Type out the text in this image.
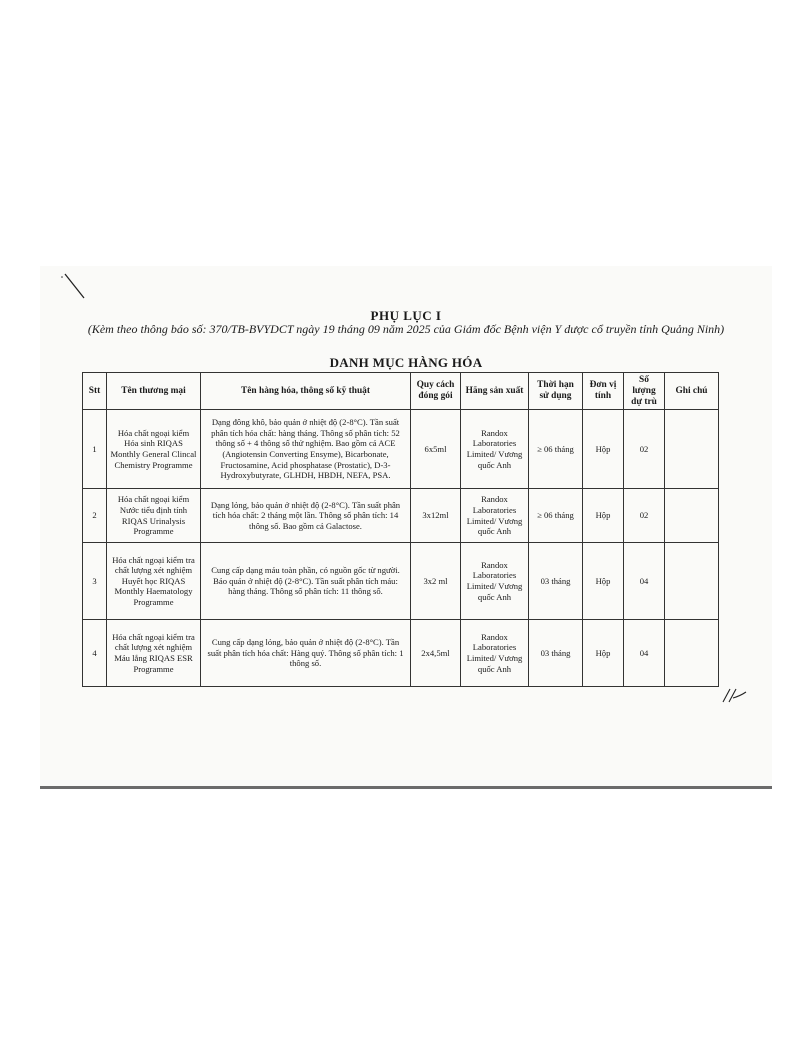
PHỤ LỤC I
(Kèm theo thông báo số: 370/TB-BVYDCT ngày 19 tháng 09 năm 2025 của Giám đốc Bệnh viện Y dược cổ truyền tỉnh Quảng Ninh)
DANH MỤC HÀNG HÓA
Stt	Tên thương mại	Tên hàng hóa, thông số kỹ thuật	Quy cách đóng gói	Hãng sản xuất	Thời hạn sử dụng	Đơn vị tính	Số lượng dự trù	Ghi chú
1	Hóa chất ngoại kiểm Hóa sinh RIQAS Monthly General Clincal Chemistry Programme	Dạng đông khô, bảo quản ở nhiệt độ (2-8°C). Tần suất phân tích hóa chất: hàng tháng. Thông số phân tích: 52 thông số + 4 thông số thử nghiệm. Bao gồm cả ACE (Angiotensin Converting Ensyme), Bicarbonate, Fructosamine, Acid phosphatase (Prostatic), D-3-Hydroxybutyrate, GLHDH, HBDH, NEFA, PSA.	6x5ml	Randox Laboratories Limited/ Vương quốc Anh	≥ 06 tháng	Hộp	02	
2	Hóa chất ngoại kiểm Nước tiểu định tính RIQAS Urinalysis Programme	Dạng lỏng, bảo quản ở nhiệt độ (2-8°C). Tần suất phân tích hóa chất: 2 tháng một lần. Thông số phân tích: 14 thông số. Bao gồm cả Galactose.	3x12ml	Randox Laboratories Limited/ Vương quốc Anh	≥ 06 tháng	Hộp	02	
3	Hóa chất ngoại kiểm tra chất lượng xét nghiệm Huyết học RIQAS Monthly Haematology Programme	Cung cấp dạng máu toàn phần, có nguồn gốc từ người. Bảo quản ở nhiệt độ (2-8°C). Tần suất phân tích máu: hàng tháng. Thông số phân tích: 11 thông số.	3x2 ml	Randox Laboratories Limited/ Vương quốc Anh	03 tháng	Hộp	04	
4	Hóa chất ngoại kiểm tra chất lượng xét nghiệm Máu lắng RIQAS ESR Programme	Cung cấp dạng lỏng, bảo quản ở nhiệt độ (2-8°C). Tần suất phân tích hóa chất: Hàng quý. Thông số phân tích: 1 thông số.	2x4,5ml	Randox Laboratories Limited/ Vương quốc Anh	03 tháng	Hộp	04	
